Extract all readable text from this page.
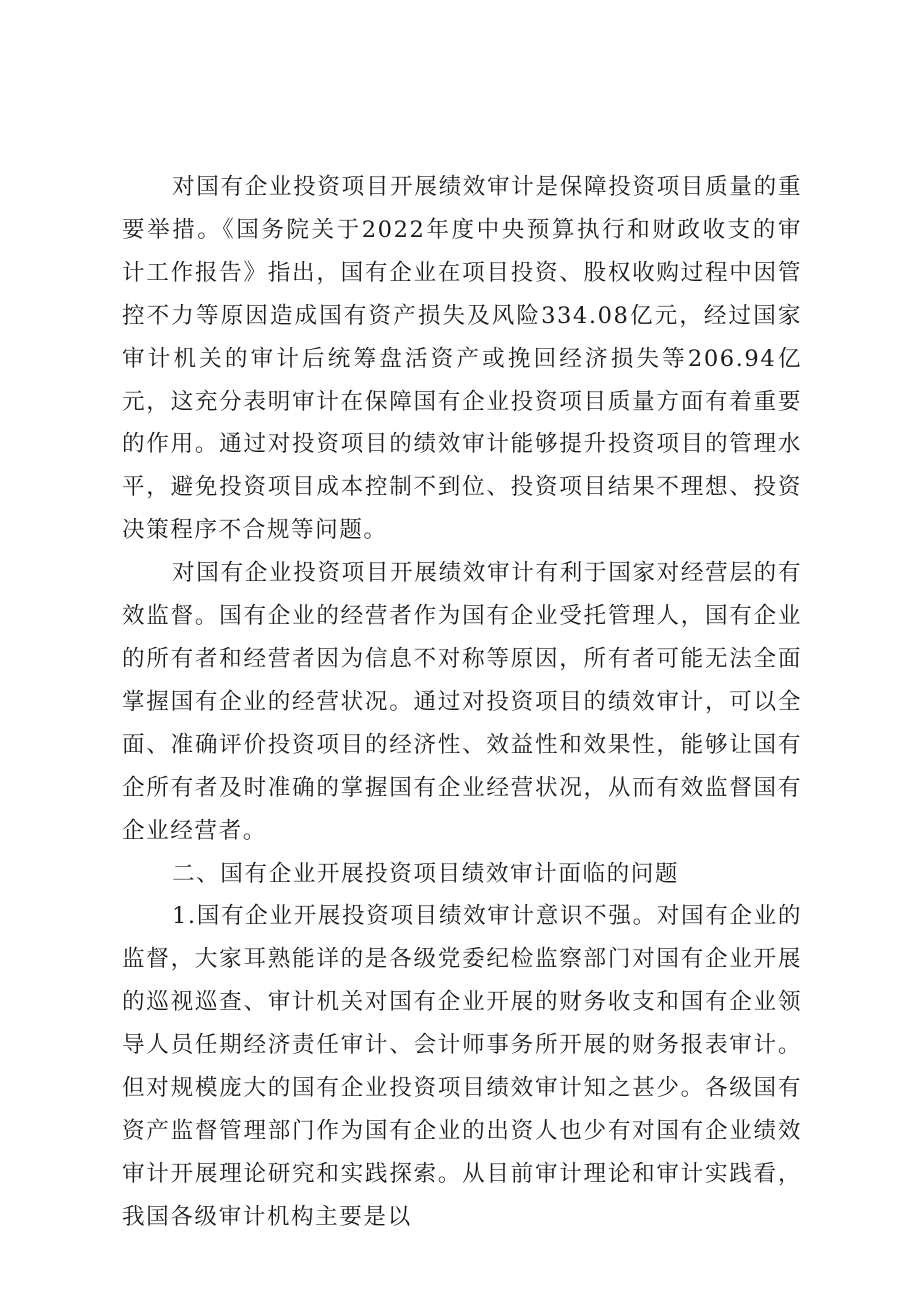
对国有企业投资项目开展绩效审计是保障投资项目质量的重要举措。《国务院关于2022年度中央预算执行和财政收支的审计工作报告》指出，国有企业在项目投资、股权收购过程中因管控不力等原因造成国有资产损失及风险334.08亿元，经过国家审计机关的审计后统筹盘活资产或挽回经济损失等206.94亿元，这充分表明审计在保障国有企业投资项目质量方面有着重要的作用。通过对投资项目的绩效审计能够提升投资项目的管理水平，避免投资项目成本控制不到位、投资项目结果不理想、投资决策程序不合规等问题。

对国有企业投资项目开展绩效审计有利于国家对经营层的有效监督。国有企业的经营者作为国有企业受托管理人，国有企业的所有者和经营者因为信息不对称等原因，所有者可能无法全面掌握国有企业的经营状况。通过对投资项目的绩效审计，可以全面、准确评价投资项目的经济性、效益性和效果性，能够让国有企所有者及时准确的掌握国有企业经营状况，从而有效监督国有企业经营者。

二、国有企业开展投资项目绩效审计面临的问题

1.国有企业开展投资项目绩效审计意识不强。对国有企业的监督，大家耳熟能详的是各级党委纪检监察部门对国有企业开展的巡视巡查、审计机关对国有企业开展的财务收支和国有企业领导人员任期经济责任审计、会计师事务所开展的财务报表审计。但对规模庞大的国有企业投资项目绩效审计知之甚少。各级国有资产监督管理部门作为国有企业的出资人也少有对国有企业绩效审计开展理论研究和实践探索。从目前审计理论和审计实践看，我国各级审计机构主要是以
